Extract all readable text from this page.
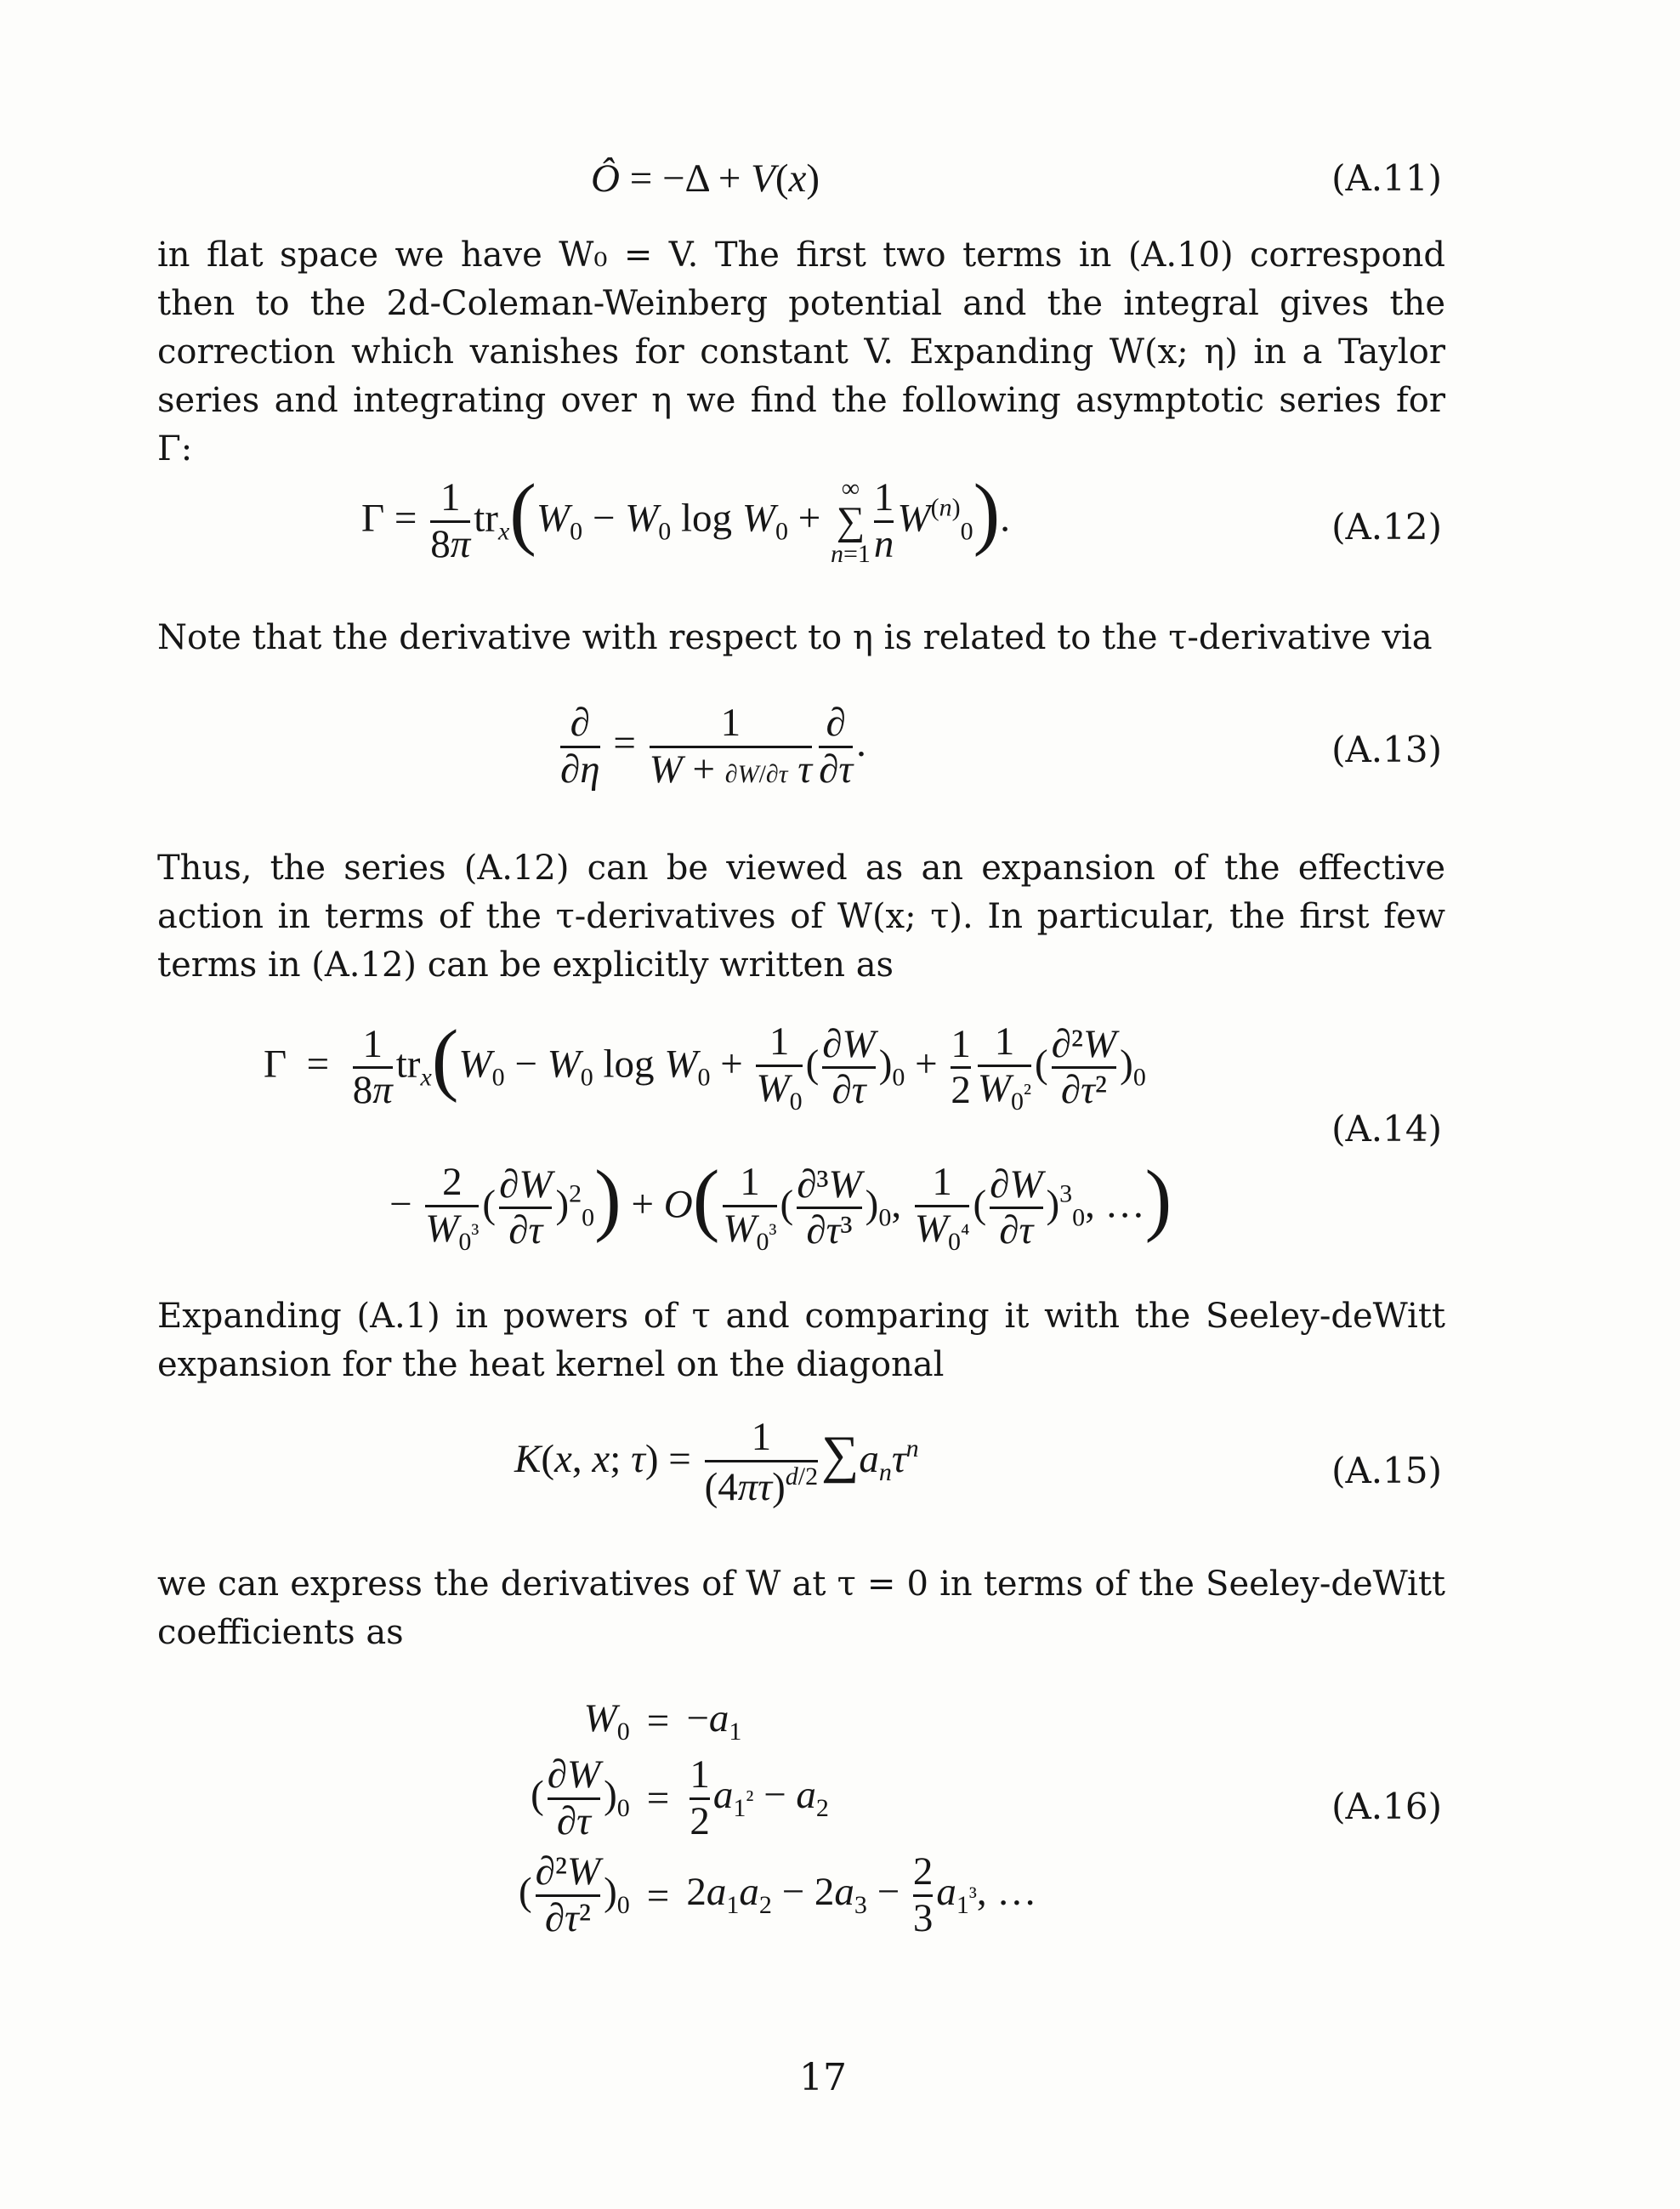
Ô = −Δ + V(x)	(A.11)

in flat space we have W₀ = V. The first two terms in (A.10) correspond then to the 2d-Coleman-Weinberg potential and the integral gives the correction which vanishes for constant V. Expanding W(x; η) in a Taylor series and integrating over η we find the following asymptotic series for Γ:

$\Gamma = \frac{1}{8\pi} tr_x(W_0 - W_0$ $\log W_0$ +
∞
∑
$n=1 \frac{1}{n} W^{(n)}_0$).	(A.12)

Note that the derivative with respect to η is related to the τ-derivative via

$\frac{\partial}{\partial\eta} = \frac{1}{\text{W + ∂W/∂τ τ}} \frac{\partial}{\partial\tau}$ .	(A.13)

Thus, the series (A.12) can be viewed as an expansion of the effective action in terms of the τ-derivatives of W(x; τ). In particular, the first few terms in (A.12) can be explicitly written as

$\Gamma = \frac{1}{8\pi} tr_x(W_0 - W_0$ $\log W_0 + \frac{1}{W_0}$ ( $\frac{\partial W}{\partial\tau} )_0 + \frac{1}{2} \frac{1}{W_0^2}$ ( $\frac{\text{∂²W}}{\text{∂τ²}} )_0$
(A.14)
− $\frac{2}{W_0^3}$ ( $\frac{\partial W}{\partial\tau} )^2_0) + O( \frac{1}{W_0^3}$ ( $\frac{\text{∂³W}}{\text{∂τ³}} )_0$, $\frac{1}{W_0^4}$ ( $\frac{\partial W}{\partial\tau} )^3_0$, …)

Expanding (A.1) in powers of τ and comparing it with the Seeley-deWitt expansion for the heat kernel on the diagonal

K(x, x; $\tau) = \frac{1}{(4\pi\tau)^{d/2}} \sum a_n\tau^n$
(A.15)

we can express the derivatives of W at τ = 0 in terms of the Seeley-deWitt coefficients as

$W_0$	=	$-a_1$
( $\frac{\partial W}{\partial\tau} )_0$	=	$\frac{1}{2} a_1^2 - a_2$
( $\frac{\text{∂²W}}{\text{∂τ²}} )_0$	=	$2a_1a_2 - 2a_3 - \frac{2}{3} a_1^3$, …
(A.16)
17
